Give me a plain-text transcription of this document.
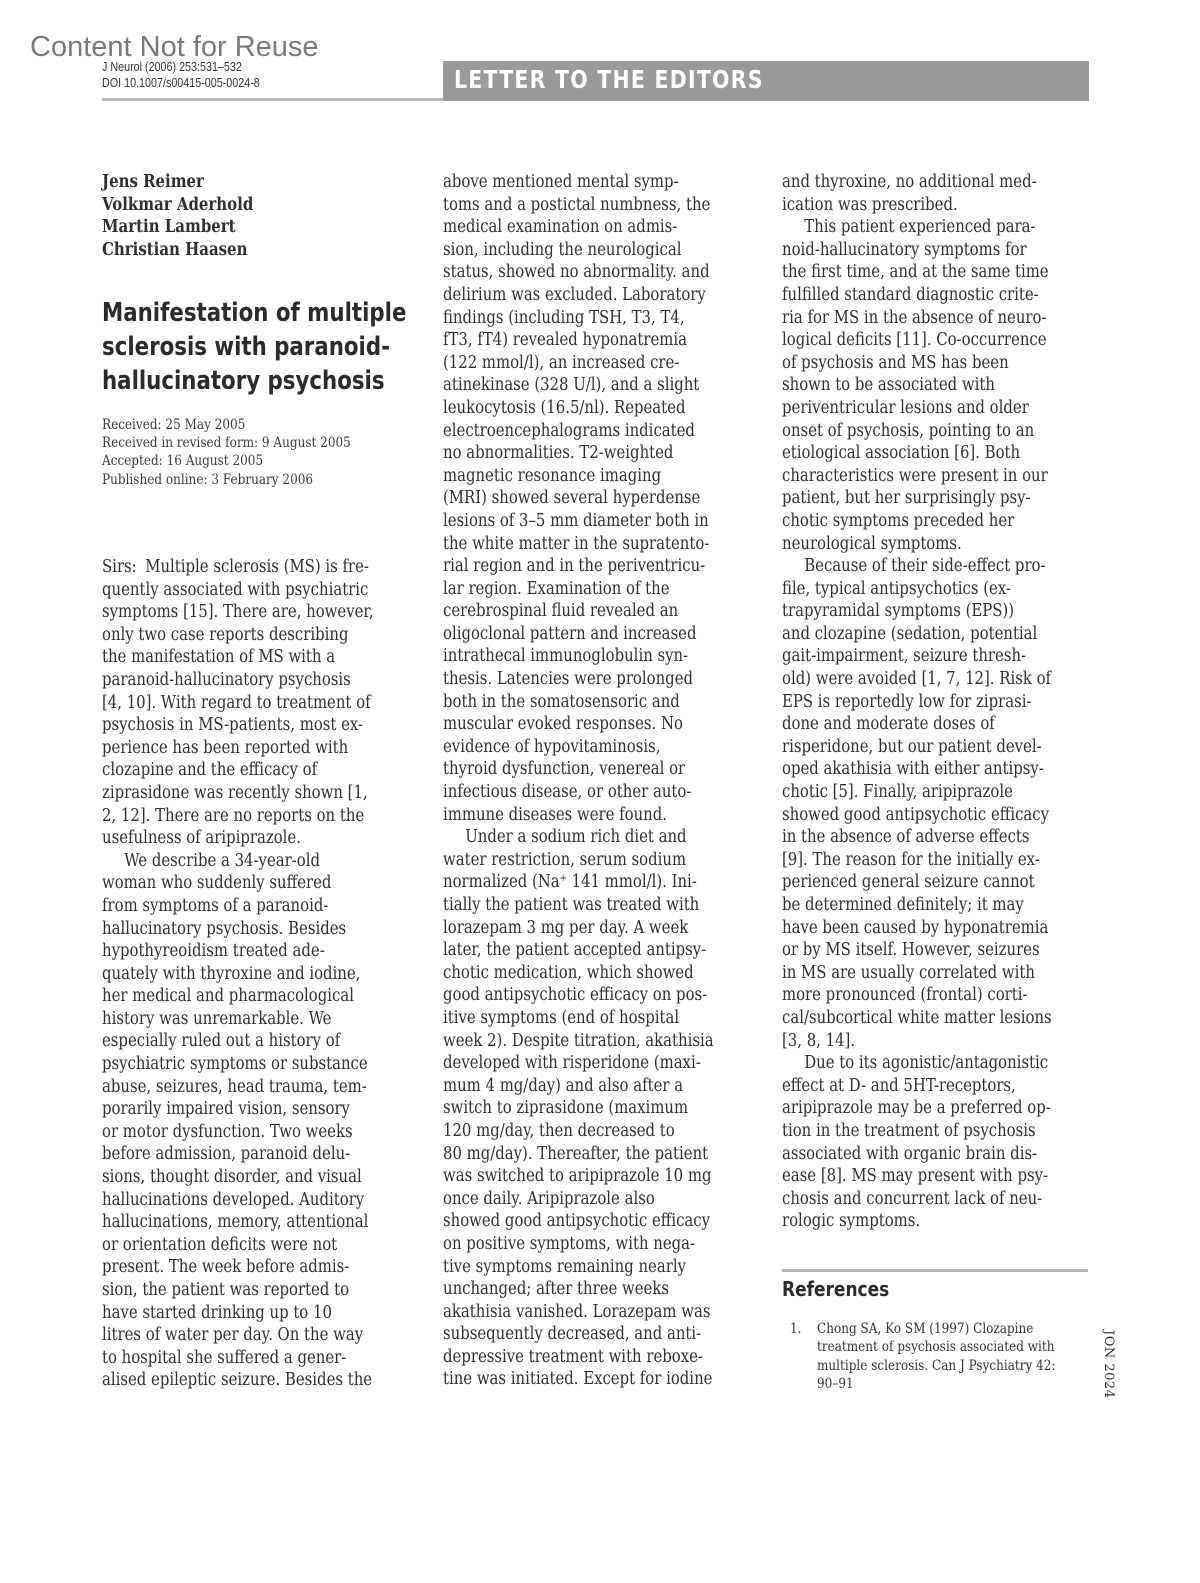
Content Not for Reuse
J Neurol (2006) 253:531–532
DOI 10.1007/s00415-005-0024-8	LETTER TO THE EDITORS
Jens Reimer
Volkmar Aderhold
Martin Lambert
Christian Haasen
Manifestation of multiple
sclerosis with paranoid-
hallucinatory psychosis
Received: 25 May 2005
Received in revised form: 9 August 2005
Accepted: 16 August 2005
Published online: 3 February 2006
Sirs: Multiple sclerosis (MS) is fre-
quently associated with psychiatric
symptoms [15]. There are, however,
only two case reports describing
the manifestation of MS with a
paranoid-hallucinatory psychosis
[4, 10]. With regard to treatment of
psychosis in MS-patients, most ex-
perience has been reported with
clozapine and the efficacy of
ziprasidone was recently shown [1,
2, 12]. There are no reports on the
usefulness of aripiprazole.
We describe a 34-year-old
woman who suddenly suffered
from symptoms of a paranoid-
hallucinatory psychosis. Besides
hypothyreoidism treated ade-
quately with thyroxine and iodine,
her medical and pharmacological
history was unremarkable. We
especially ruled out a history of
psychiatric symptoms or substance
abuse, seizures, head trauma, tem-
porarily impaired vision, sensory
or motor dysfunction. Two weeks
before admission, paranoid delu-
sions, thought disorder, and visual
hallucinations developed. Auditory
hallucinations, memory, attentional
or orientation deficits were not
present. The week before admis-
sion, the patient was reported to
have started drinking up to 10
litres of water per day. On the way
to hospital she suffered a gener-
alised epileptic seizure. Besides the
above mentioned mental symp-
toms and a postictal numbness, the
medical examination on admis-
sion, including the neurological
status, showed no abnormality. and
delirium was excluded. Laboratory
findings (including TSH, T3, T4,
fT3, fT4) revealed hyponatremia
(122 mmol/l), an increased cre-
atinekinase (328 U/l), and a slight
leukocytosis (16.5/nl). Repeated
electroencephalograms indicated
no abnormalities. T2-weighted
magnetic resonance imaging
(MRI) showed several hyperdense
lesions of 3–5 mm diameter both in
the white matter in the supratento-
rial region and in the periventricu-
lar region. Examination of the
cerebrospinal fluid revealed an
oligoclonal pattern and increased
intrathecal immunoglobulin syn-
thesis. Latencies were prolonged
both in the somatosensoric and
muscular evoked responses. No
evidence of hypovitaminosis,
thyroid dysfunction, venereal or
infectious disease, or other auto-
immune diseases were found.
Under a sodium rich diet and
water restriction, serum sodium
normalized (Na+ 141 mmol/l). Ini-
tially the patient was treated with
lorazepam 3 mg per day. A week
later, the patient accepted antipsy-
chotic medication, which showed
good antipsychotic efficacy on pos-
itive symptoms (end of hospital
week 2). Despite titration, akathisia
developed with risperidone (maxi-
mum 4 mg/day) and also after a
switch to ziprasidone (maximum
120 mg/day, then decreased to
80 mg/day). Thereafter, the patient
was switched to aripiprazole 10 mg
once daily. Aripiprazole also
showed good antipsychotic efficacy
on positive symptoms, with nega-
tive symptoms remaining nearly
unchanged; after three weeks
akathisia vanished. Lorazepam was
subsequently decreased, and anti-
depressive treatment with reboxe-
tine was initiated. Except for iodine
and thyroxine, no additional med-
ication was prescribed.
This patient experienced para-
noid-hallucinatory symptoms for
the first time, and at the same time
fulfilled standard diagnostic crite-
ria for MS in the absence of neuro-
logical deficits [11]. Co-occurrence
of psychosis and MS has been
shown to be associated with
periventricular lesions and older
onset of psychosis, pointing to an
etiological association [6]. Both
characteristics were present in our
patient, but her surprisingly psy-
chotic symptoms preceded her
neurological symptoms.
Because of their side-effect pro-
file, typical antipsychotics (ex-
trapyramidal symptoms (EPS))
and clozapine (sedation, potential
gait-impairment, seizure thresh-
old) were avoided [1, 7, 12]. Risk of
EPS is reportedly low for ziprasi-
done and moderate doses of
risperidone, but our patient devel-
oped akathisia with either antipsy-
chotic [5]. Finally, aripiprazole
showed good antipsychotic efficacy
in the absence of adverse effects
[9]. The reason for the initially ex-
perienced general seizure cannot
be determined definitely; it may
have been caused by hyponatremia
or by MS itself. However, seizures
in MS are usually correlated with
more pronounced (frontal) corti-
cal/subcortical white matter lesions
[3, 8, 14].
Due to its agonistic/antagonistic
effect at D- and 5HT-receptors,
aripiprazole may be a preferred op-
tion in the treatment of psychosis
associated with organic brain dis-
ease [8]. MS may present with psy-
chosis and concurrent lack of neu-
rologic symptoms.
References
1. Chong SA, Ko SM (1997) Clozapine
treatment of psychosis associated with
multiple sclerosis. Can J Psychiatry 42:
90–91	JON 2024
